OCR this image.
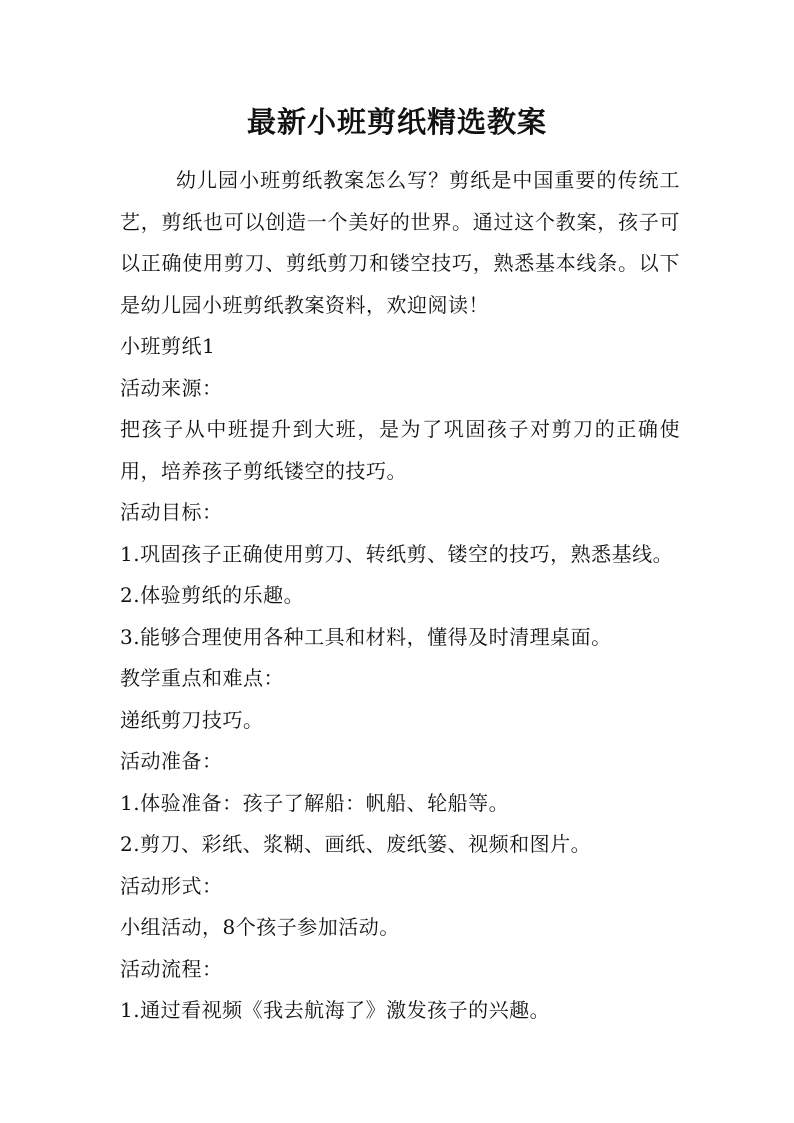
最新小班剪纸精选教案

幼儿园小班剪纸教案怎么写？剪纸是中国重要的传统工艺，剪纸也可以创造一个美好的世界。通过这个教案，孩子可以正确使用剪刀、剪纸剪刀和镂空技巧，熟悉基本线条。以下是幼儿园小班剪纸教案资料，欢迎阅读！

小班剪纸1

活动来源：

把孩子从中班提升到大班，是为了巩固孩子对剪刀的正确使用，培养孩子剪纸镂空的技巧。

活动目标：

1.巩固孩子正确使用剪刀、转纸剪、镂空的技巧，熟悉基线。

2.体验剪纸的乐趣。

3.能够合理使用各种工具和材料，懂得及时清理桌面。

教学重点和难点：

递纸剪刀技巧。

活动准备：

1.体验准备：孩子了解船：帆船、轮船等。

2.剪刀、彩纸、浆糊、画纸、废纸篓、视频和图片。

活动形式：

小组活动，8个孩子参加活动。

活动流程：

1.通过看视频《我去航海了》激发孩子的兴趣。
